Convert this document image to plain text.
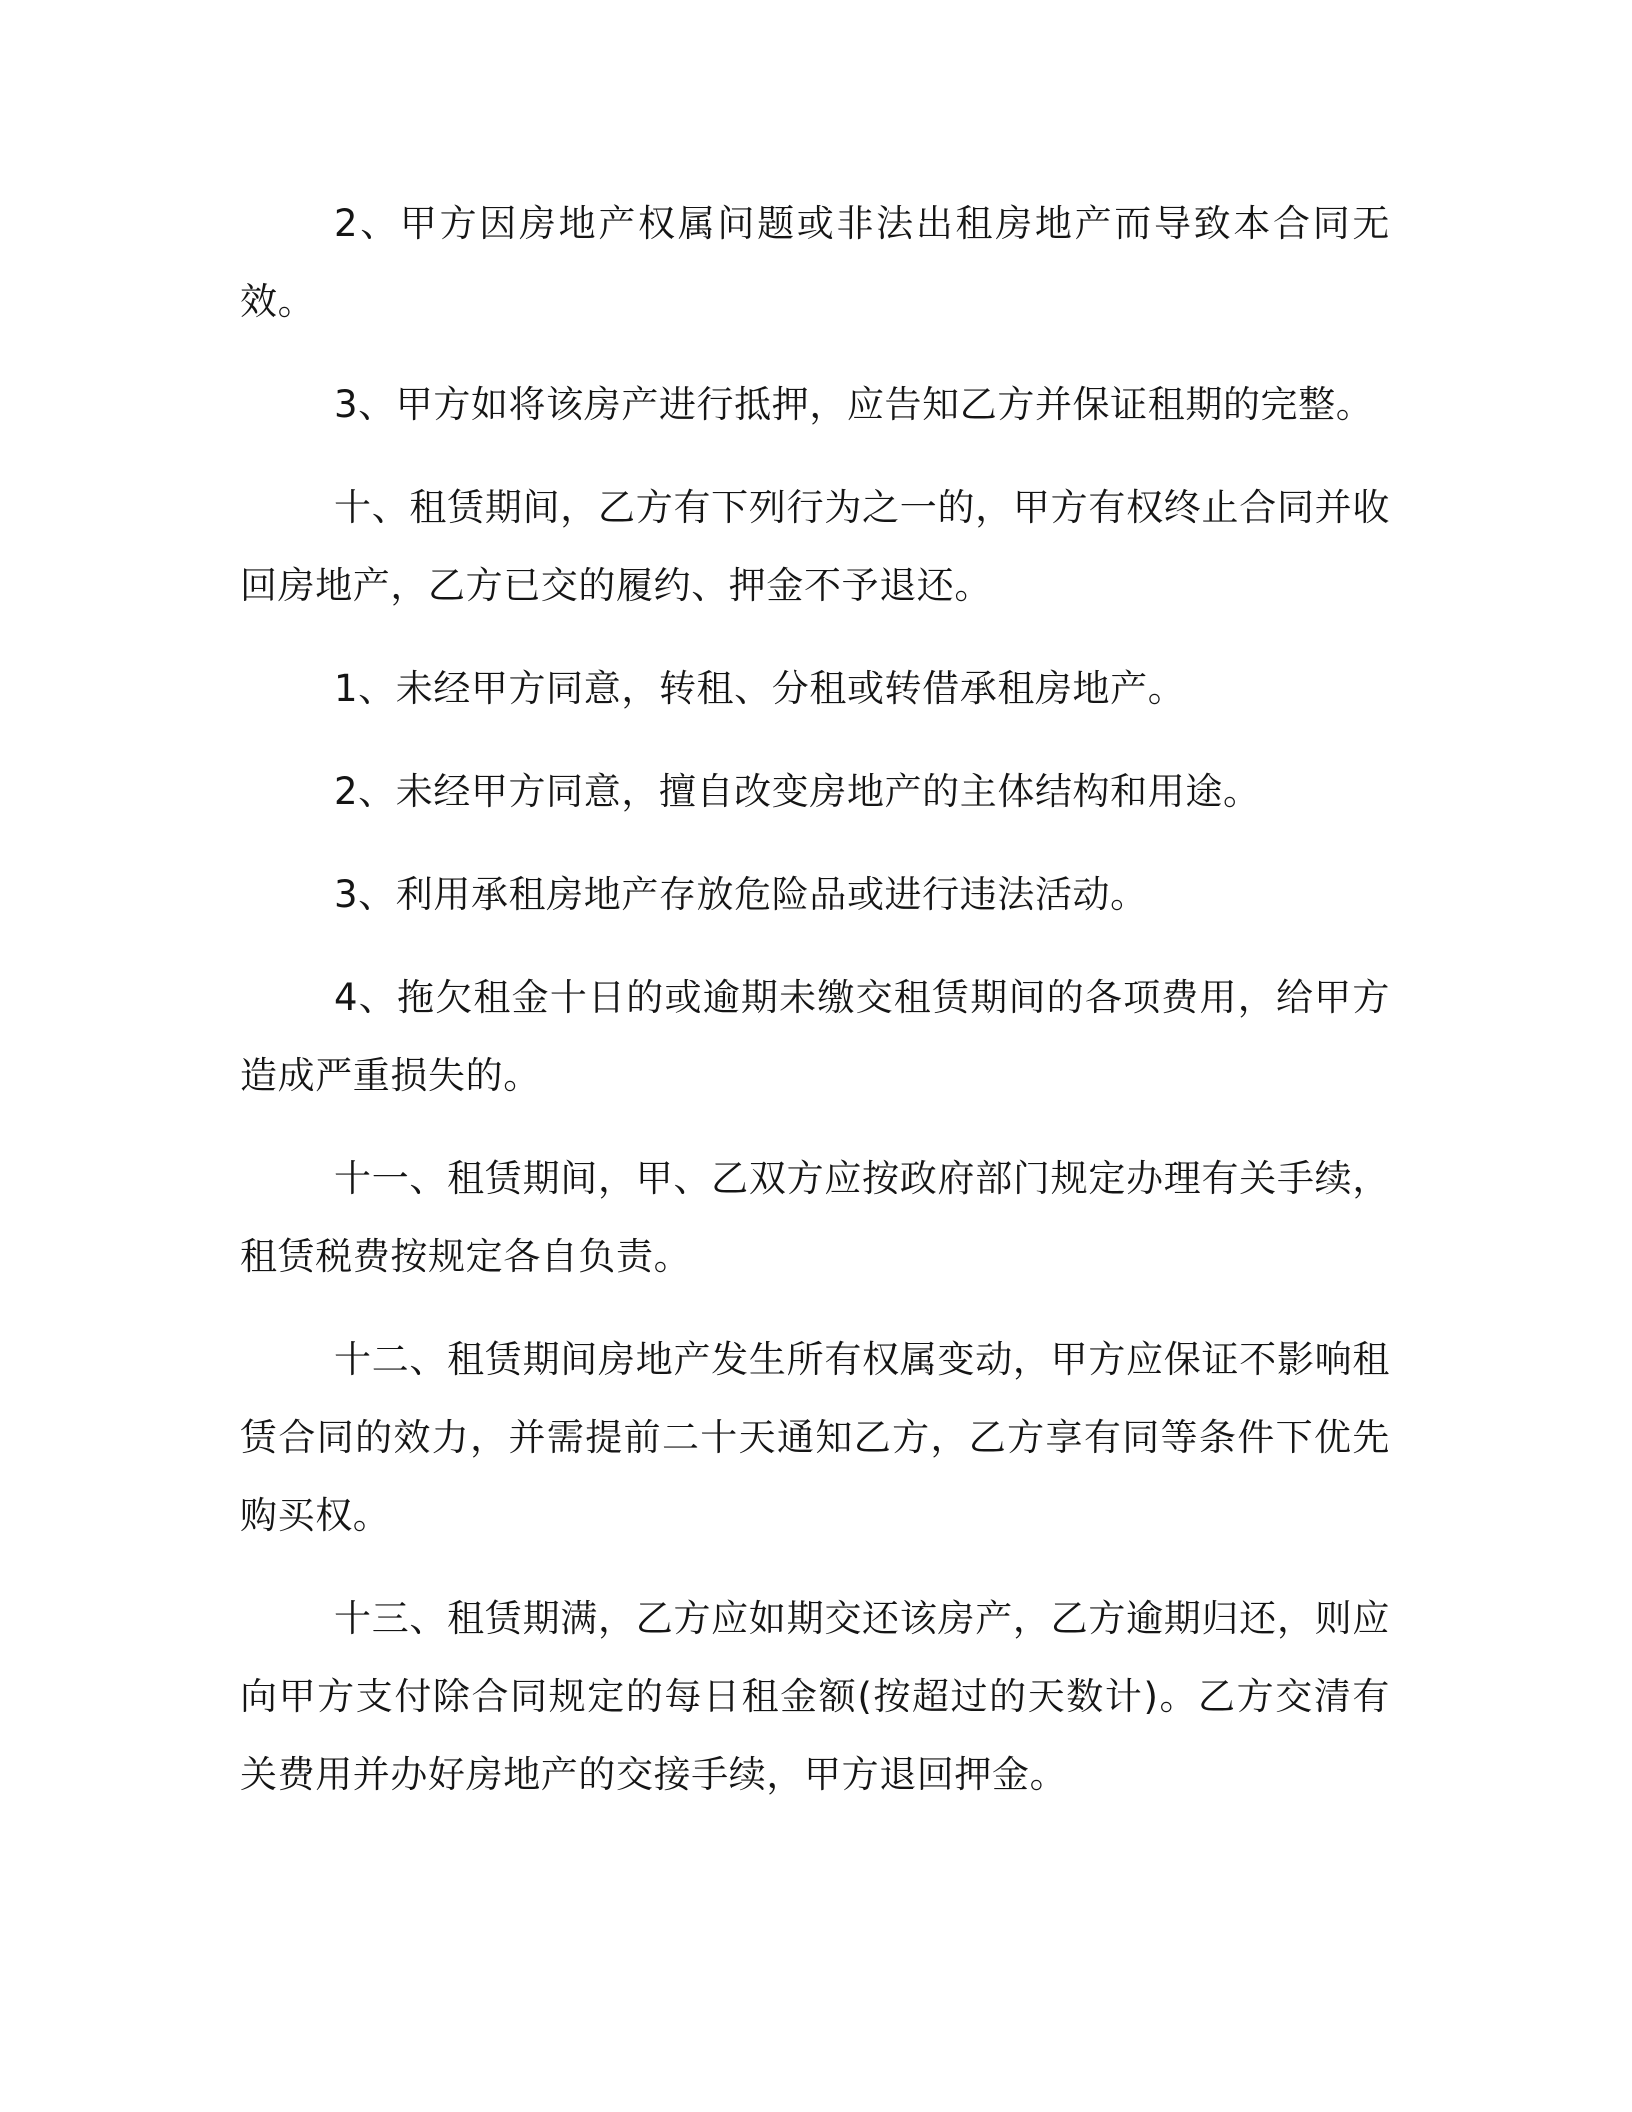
2、甲方因房地产权属问题或非法出租房地产而导致本合同无效。

3、甲方如将该房产进行抵押，应告知乙方并保证租期的完整。

十、租赁期间，乙方有下列行为之一的，甲方有权终止合同并收回房地产，乙方已交的履约、押金不予退还。

1、未经甲方同意，转租、分租或转借承租房地产。

2、未经甲方同意，擅自改变房地产的主体结构和用途。

3、利用承租房地产存放危险品或进行违法活动。

4、拖欠租金十日的或逾期未缴交租赁期间的各项费用，给甲方造成严重损失的。

十一、租赁期间，甲、乙双方应按政府部门规定办理有关手续，租赁税费按规定各自负责。

十二、租赁期间房地产发生所有权属变动，甲方应保证不影响租赁合同的效力，并需提前二十天通知乙方，乙方享有同等条件下优先购买权。

十三、租赁期满，乙方应如期交还该房产，乙方逾期归还，则应向甲方支付除合同规定的每日租金额(按超过的天数计)。乙方交清有关费用并办好房地产的交接手续，甲方退回押金。
